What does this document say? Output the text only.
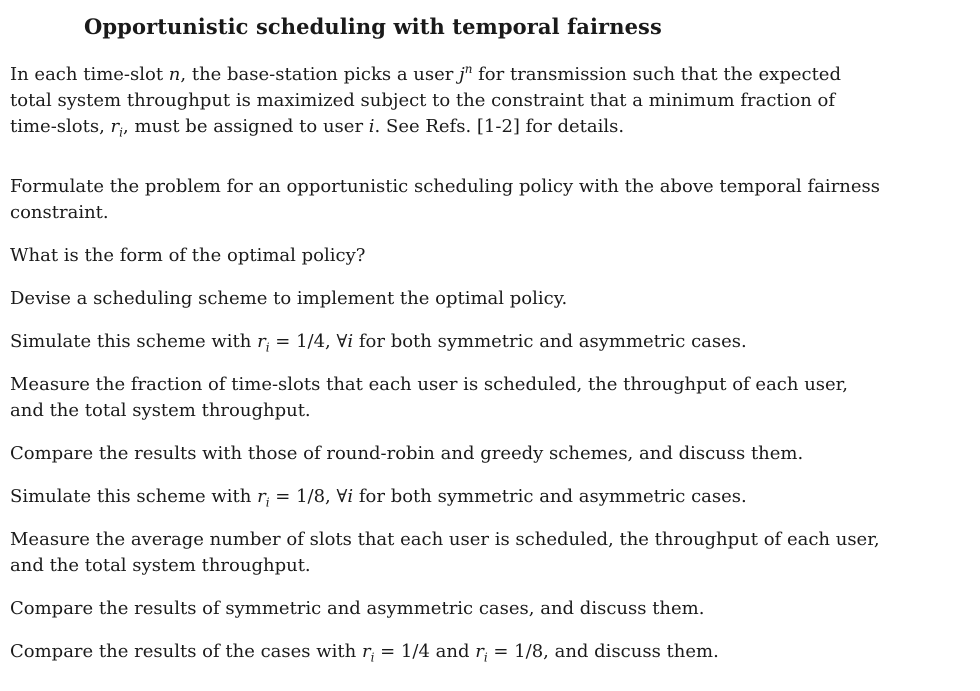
Opportunistic scheduling with temporal fairness
In each time-slot n, the base-station picks a user $j^n$ for transmission such that the expected
total system throughput is maximized subject to the constraint that a minimum fraction of
time-slots, $r_i$, must be assigned to user i. See Refs. [1-2] for details.
Formulate the problem for an opportunistic scheduling policy with the above temporal fairness
constraint.
What is the form of the optimal policy?
Devise a scheduling scheme to implement the optimal policy.
Simulate this scheme with $r_i = 1/4$, ∀i for both symmetric and asymmetric cases.
Measure the fraction of time-slots that each user is scheduled, the throughput of each user,
and the total system throughput.
Compare the results with those of round-robin and greedy schemes, and discuss them.
Simulate this scheme with $r_i = 1/8$, ∀i for both symmetric and asymmetric cases.
Measure the average number of slots that each user is scheduled, the throughput of each user,
and the total system throughput.
Compare the results of symmetric and asymmetric cases, and discuss them.
Compare the results of the cases with $r_i = 1/4$ and $r_i = 1/8$, and discuss them.
